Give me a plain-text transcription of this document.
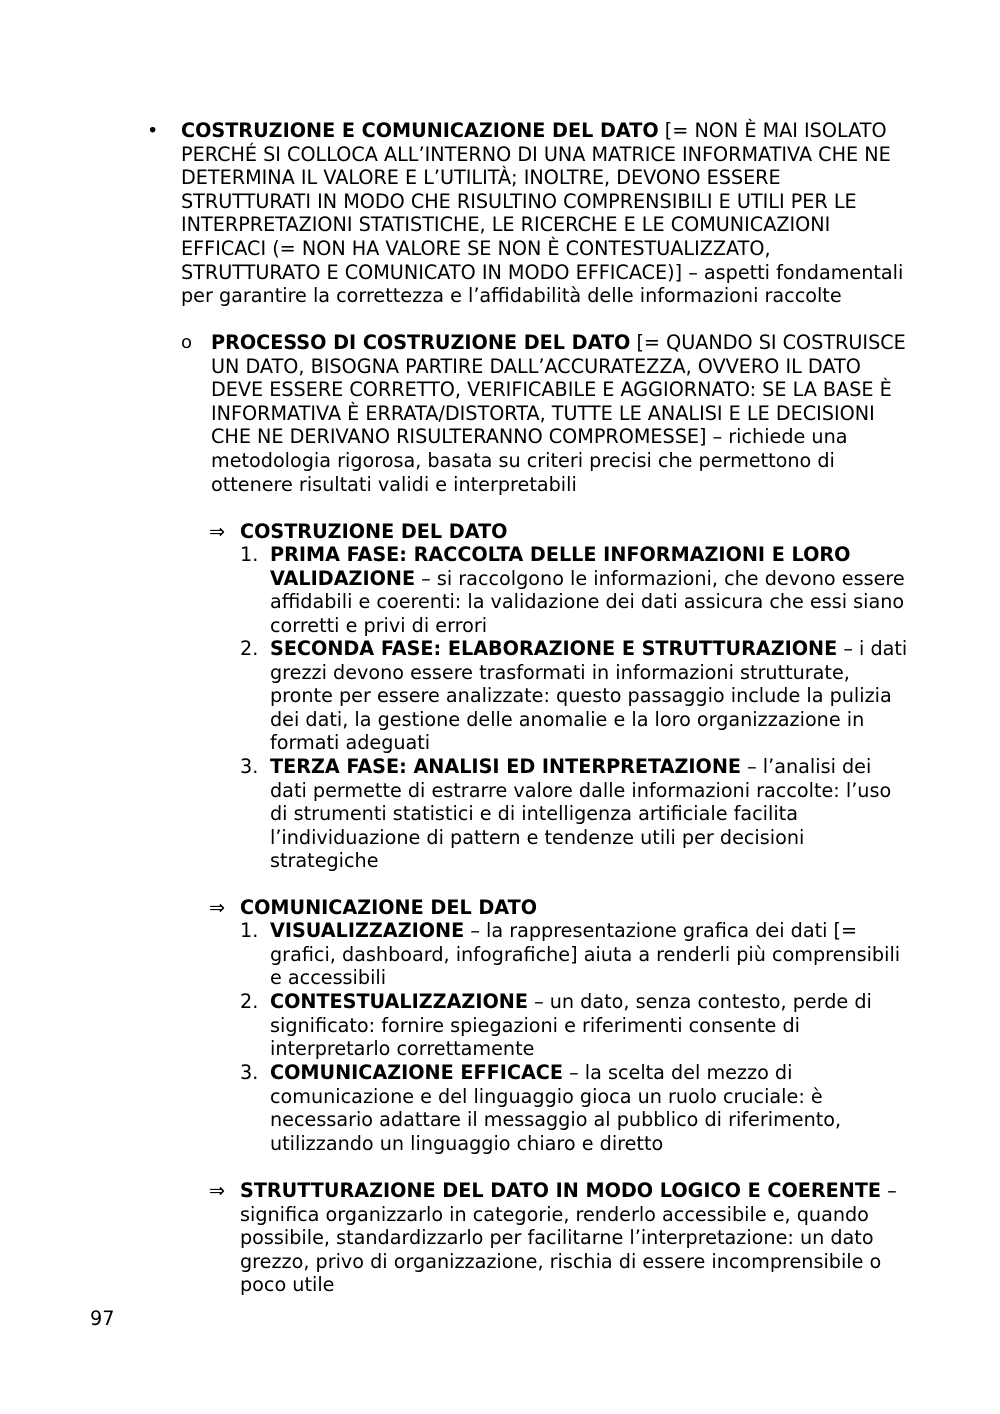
• COSTRUZIONE E COMUNICAZIONE DEL DATO [= NON È MAI ISOLATO PERCHÉ SI COLLOCA ALL’INTERNO DI UNA MATRICE INFORMATIVA CHE NE DETERMINA IL VALORE E L’UTILITÀ; INOLTRE, DEVONO ESSERE STRUTTURATI IN MODO CHE RISULTINO COMPRENSIBILI E UTILI PER LE INTERPRETAZIONI STATISTICHE, LE RICERCHE E LE COMUNICAZIONI EFFICACI (= NON HA VALORE SE NON È CONTESTUALIZZATO, STRUTTURATO E COMUNICATO IN MODO EFFICACE)] – aspetti fondamentali per garantire la correttezza e l’affidabilità delle informazioni raccolte
o PROCESSO DI COSTRUZIONE DEL DATO [= QUANDO SI COSTRUISCE UN DATO, BISOGNA PARTIRE DALL’ACCURATEZZA, OVVERO IL DATO DEVE ESSERE CORRETTO, VERIFICABILE E AGGIORNATO: SE LA BASE È INFORMATIVA È ERRATA/DISTORTA, TUTTE LE ANALISI E LE DECISIONI CHE NE DERIVANO RISULTERANNO COMPROMESSE] – richiede una metodologia rigorosa, basata su criteri precisi che permettono di ottenere risultati validi e interpretabili
⇒ COSTRUZIONE DEL DATO
1. PRIMA FASE: RACCOLTA DELLE INFORMAZIONI E LORO VALIDAZIONE – si raccolgono le informazioni, che devono essere affidabili e coerenti: la validazione dei dati assicura che essi siano corretti e privi di errori
2. SECONDA FASE: ELABORAZIONE E STRUTTURAZIONE – i dati grezzi devono essere trasformati in informazioni strutturate, pronte per essere analizzate: questo passaggio include la pulizia dei dati, la gestione delle anomalie e la loro organizzazione in formati adeguati
3. TERZA FASE: ANALISI ED INTERPRETAZIONE – l’analisi dei dati permette di estrarre valore dalle informazioni raccolte: l’uso di strumenti statistici e di intelligenza artificiale facilita l’individuazione di pattern e tendenze utili per decisioni strategiche
⇒ COMUNICAZIONE DEL DATO
1. VISUALIZZAZIONE – la rappresentazione grafica dei dati [= grafici, dashboard, infografiche] aiuta a renderli più comprensibili e accessibili
2. CONTESTUALIZZAZIONE – un dato, senza contesto, perde di significato: fornire spiegazioni e riferimenti consente di interpretarlo correttamente
3. COMUNICAZIONE EFFICACE – la scelta del mezzo di comunicazione e del linguaggio gioca un ruolo cruciale: è necessario adattare il messaggio al pubblico di riferimento, utilizzando un linguaggio chiaro e diretto
⇒ STRUTTURAZIONE DEL DATO IN MODO LOGICO E COERENTE – significa organizzarlo in categorie, renderlo accessibile e, quando possibile, standardizzarlo per facilitarne l’interpretazione: un dato grezzo, privo di organizzazione, rischia di essere incomprensibile o poco utile
97
